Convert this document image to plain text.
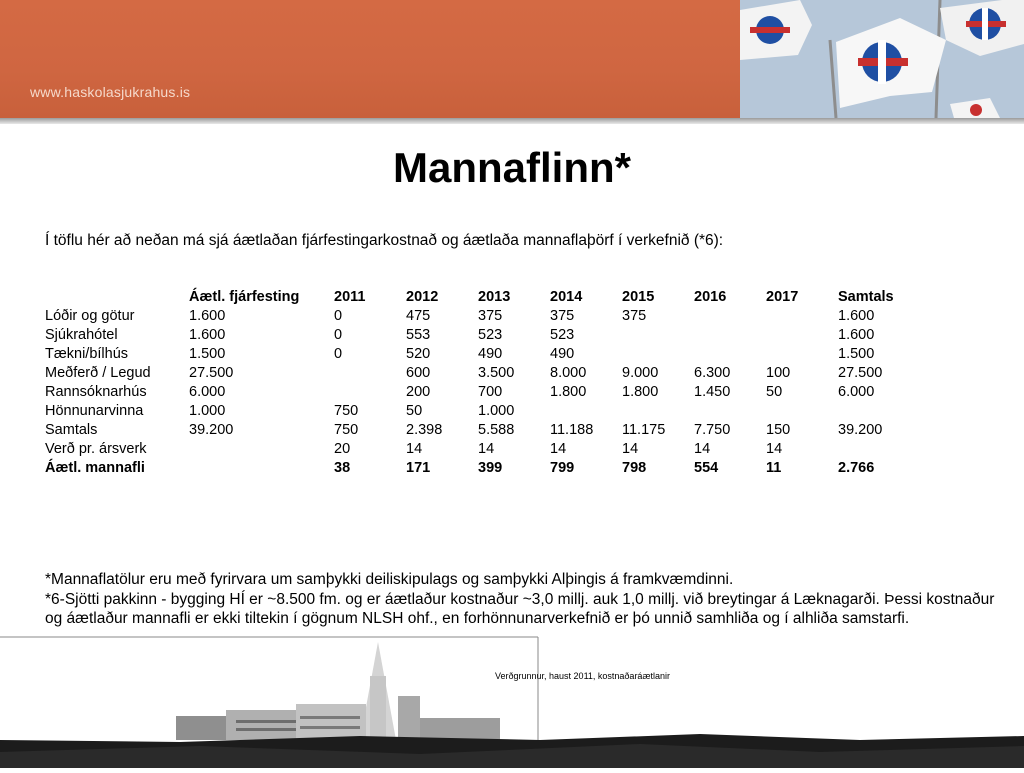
www.haskolasjukrahus.is
Mannaflinn*
Í töflu hér að neðan má sjá áætlaðan fjárfestingarkostnað og áætlaða mannaflaþörf í verkefnið (*6):
	Áætl. fjárfesting	2011	2012	2013	2014	2015	2016	2017	Samtals
Lóðir og götur	1.600	0	475	375	375	375			1.600
Sjúkrahótel	1.600	0	553	523	523				1.600
Tækni/bílhús	1.500	0	520	490	490				1.500
Meðferð / Legud	27.500		600	3.500	8.000	9.000	6.300	100	27.500
Rannsóknarhús	6.000		200	700	1.800	1.800	1.450	50	6.000
Hönnunarvinna	1.000	750	50	1.000					
Samtals	39.200	750	2.398	5.588	11.188	11.175	7.750	150	39.200
Verð pr. ársverk		20	14	14	14	14	14	14	
Áætl. mannafli		38	171	399	799	798	554	11	2.766

*Mannaflatölur eru með fyrirvara um samþykki deiliskipulags og samþykki Alþingis á framkvæmdinni.

*6-Sjötti pakkinn - bygging HÍ er ~8.500 fm. og er áætlaður kostnaður ~3,0 millj. auk 1,0 millj. við breytingar á Læknagarði. Þessi kostnaður og áætlaður mannafli er ekki tiltekin í gögnum NLSH ohf., en forhönnunarverkefnið er þó unnið samhliða og í alhliða samstarfi.

Verðgrunnur, haust 2011, kostnaðaráætlanir
